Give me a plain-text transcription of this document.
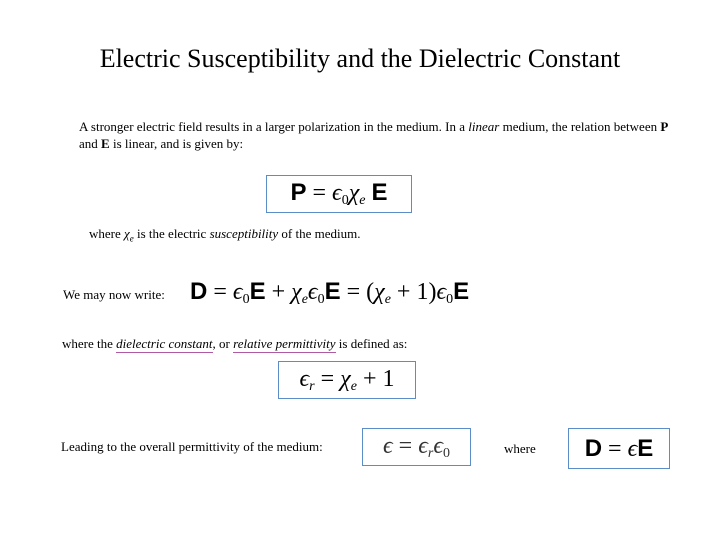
Electric Susceptibility and the Dielectric Constant
A stronger electric field results in a larger polarization in the medium. In a linear medium, the relation between P and E is linear, and is given by:
$P = \epsilon_0\chi_e$ E
where $\chi_e$ is the electric susceptibility of the medium.
We may now write: $D = \epsilon_0E + \chi_e\epsilon_0E = (\chi_e + 1)\epsilon_0E$
where the dielectric constant, or relative permittivity is defined as:
$\epsilon_r = \chi_e + 1$
Leading to the overall permittivity of the medium:	$\epsilon = \epsilon_r\epsilon_0$	where D = ϵE
